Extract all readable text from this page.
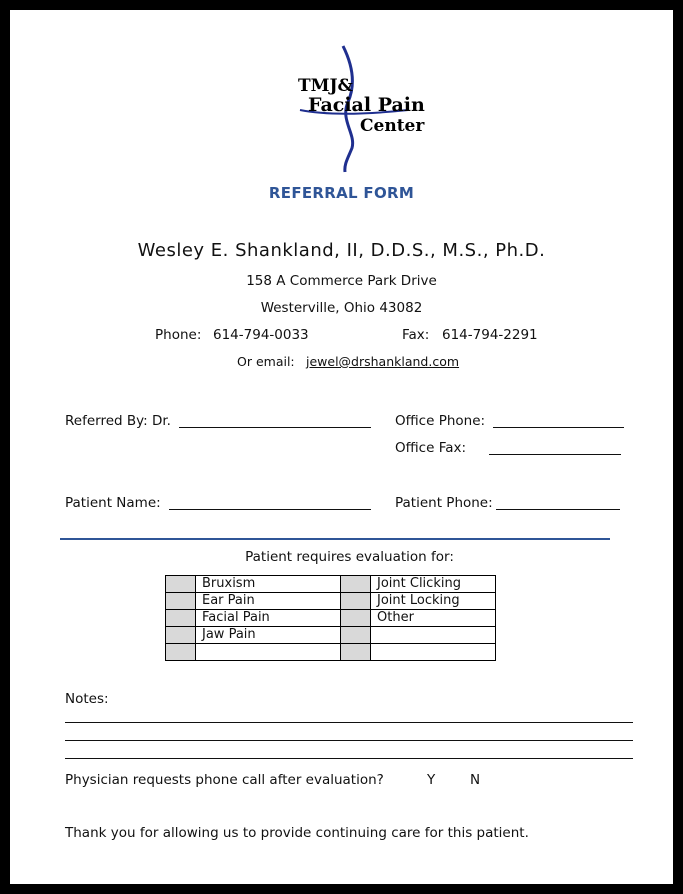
TMJ&
Facial Pain
Center
REFERRAL FORM
Wesley E. Shankland, II, D.D.S., M.S., Ph.D.
158 A Commerce Park Drive
Westerville, Ohio 43082
Phone: 614-794-0033	Fax: 614-794-2291
Or email: jewel@drshankland.com
Referred By: Dr.	Office Phone:
Office Fax:
Patient Name:	Patient Phone:
Patient requires evaluation for:
	Bruxism		Joint Clicking
	Ear Pain		Joint Locking
	Facial Pain		Other
	Jaw Pain		

Notes:
Physician requests phone call after evaluation?	Y	N
Thank you for allowing us to provide continuing care for this patient.
